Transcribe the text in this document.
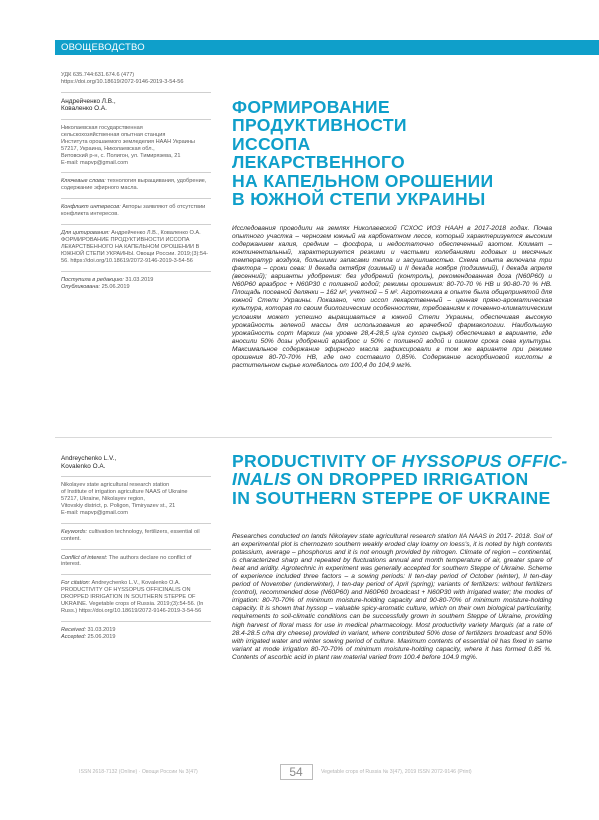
ОВОЩЕВОДСТВО
УДК 635.744:631.674.6 (477)
https://doi.org/10.18619/2072-9146-2019-3-54-56
Андрейченко Л.В.,
Коваленко О.А.
Николаевская государственная
сельскохозяйственная опытная станция
Института орошаемого земледелия НААН Украины
57217, Украина, Николаевская обл.,
Витовский р-н, с. Полигон, ул. Тимирязева, 21
E-mail: mapvp@gmail.com
Ключевые слова: технология выращивания, удобрение, содержание эфирного масла.
Конфликт интересов: Авторы заявляют об отсутствии конфликта интересов.
Для цитирования: Андрейченко Л.В., Коваленко О.А. ФОРМИРОВАНИЕ ПРОДУКТИВНОСТИ ИССОПА ЛЕКАРСТВЕННОГО НА КАПЕЛЬНОМ ОРОШЕНИИ В ЮЖНОЙ СТЕПИ УКРАИНЫ. Овощи России. 2019;(3):54-56. https://doi.org/10.18619/2072-9146-2019-3-54-56
Поступила в редакцию: 31.03.2019
Опубликована: 25.06.2019
ФОРМИРОВАНИЕ
ПРОДУКТИВНОСТИ
ИССОПА
ЛЕКАРСТВЕННОГО
НА КАПЕЛЬНОМ ОРОШЕНИИ
В ЮЖНОЙ СТЕПИ УКРАИНЫ
Исследования проводили на землях Николаевской ГСХОС ИОЗ НААН в 2017-2018 годах. Почва опытного участка – чернозем южный на карбонатном лессе, который характеризуется высоким содержанием калия, средним – фосфора, и недостаточно обеспеченный азотом. Климат – континентальный, характеризуется резкими и частыми колебаниями годовых и месячных температур воздуха, большими запасами тепла и засушливостью. Схема опыта включала три фактора – сроки сева: II декада октября (озимый) и II декада ноября (подзимний), I декада апреля (весенний); варианты удобрения: без удобрений (контроль), рекомендованная доза (N60P60) и N60P60 вразброс + N60P30 с поливной водой; режимы орошения: 80-70-70 % НВ и 90-80-70 % НВ. Площадь посевной делянки – 162 м², учетной – 5 м². Агротехника в опыте была общепринятой для южной Степи Украины. Показано, что иссоп лекарственный – ценная пряно-ароматическая культура, которая по своим биологическим особенностям, требованиям к почвенно-климатическим условиям может успешно выращиваться в южной Степи Украины, обеспечивая высокую урожайность зеленой массы для использования во врачебной фармакологии. Наибольшую урожайность сорт Маркиз (на уровне 28,4-28,5 ц/га сухого сырья) обеспечивал в варианте, где вносили 50% дозы удобрений вразброс и 50% с поливной водой и озимом срока сева культуры. Максимальное содержание эфирного масла зафиксировали в том же варианте при режиме орошения 80-70-70% НВ, где оно составило 0,85%. Содержание аскорбиновой кислоты в растительном сырье колебалось от 100,4 до 104,9 мг%.
Andreychenko L.V.,
Kovalenko O.A.
Nikolayev state agricultural research station
of Institute of irrigation agriculture NAAS of Ukraine
57217, Ukraine, Nikolayev region,
Vitovskiy district, p. Poligon, Timiryazev st., 21
E-mail: mapvp@gmail.com
Keywords: cultivation technology, fertilizers, essential oil content.
Conflict of interest: The authors declare no conflict of interest.
For citation: Andreychenko L.V., Kovalenko O.A. PRODUCTIVITY OF HYSSOPUS OFFICINALIS ON DROPPED IRRIGATION IN SOUTHERN STEPPE OF UKRAINE. Vegetable crops of Russia. 2019;(3):54-56. (In Russ.) https://doi.org/10.18619/2072-9146-2019-3-54-56
Received: 31.03.2019
Accepted: 25.06.2019
PRODUCTIVITY OF HYSSOPUS OFFIC-
INALIS ON DROPPED IRRIGATION
IN SOUTHERN STEPPE OF UKRAINE
Researches conducted on lands Nikolayev state agricultural research station IIA NAAS in 2017- 2018. Soil of an experimental plot is chernozem southern weakly eroded clay loamy on loess's, it is noted by high contents potassium, average – phosphorus and it is not enough provided by nitrogen. Climate of region – continental, is characterized sharp and repeated by fluctuations annual and month temperature of air, greater spare of heat and aridity. Agrotechnic in experiment was generally accepted for southern Steppe of Ukraine. Scheme of experience included three factors – a sowing periods: II ten-day period of October (winter), II ten-day period of November (underwinter), I ten-day period of April (spring); variants of fertilizers: without fertilizers (control), recommended dose (N60P60) and N60P60 broadcast + N60P30 with irrigated water; the modes of irrigation: 80-70-70% of minimum moisture-holding capacity and 90-80-70% of minimum moisture-holding capacity. It is shown that hyssop – valuable spicy-aromatic culture, which on their own biological particularity, requirements to soil-climatic conditions can be successfully grown in southern Steppe of Ukraine, providing high harvest of floral mass for use in medical pharmacology. Most productivity variety Marquis (at a rate of 28.4-28.5 c/ha dry cheese) provided in variant, where contributed 50% dose of fertilizers broadcast and 50% with irrigated water and winter sowing period of culture. Maximum contents of essential oil has fixed in same variant at mode irrigation 80-70-70% of minimum moisture-holding capacity, where it has formed 0.85 %. Contents of ascorbic acid in plant raw material varied from 100.4 before 104.9 mg%.
ISSN 2618-7132 (Online) · Овощи России № 3(47)	54	Vegetable crops of Russia № 3(47), 2019 ISSN 2072-9146 (Print)
